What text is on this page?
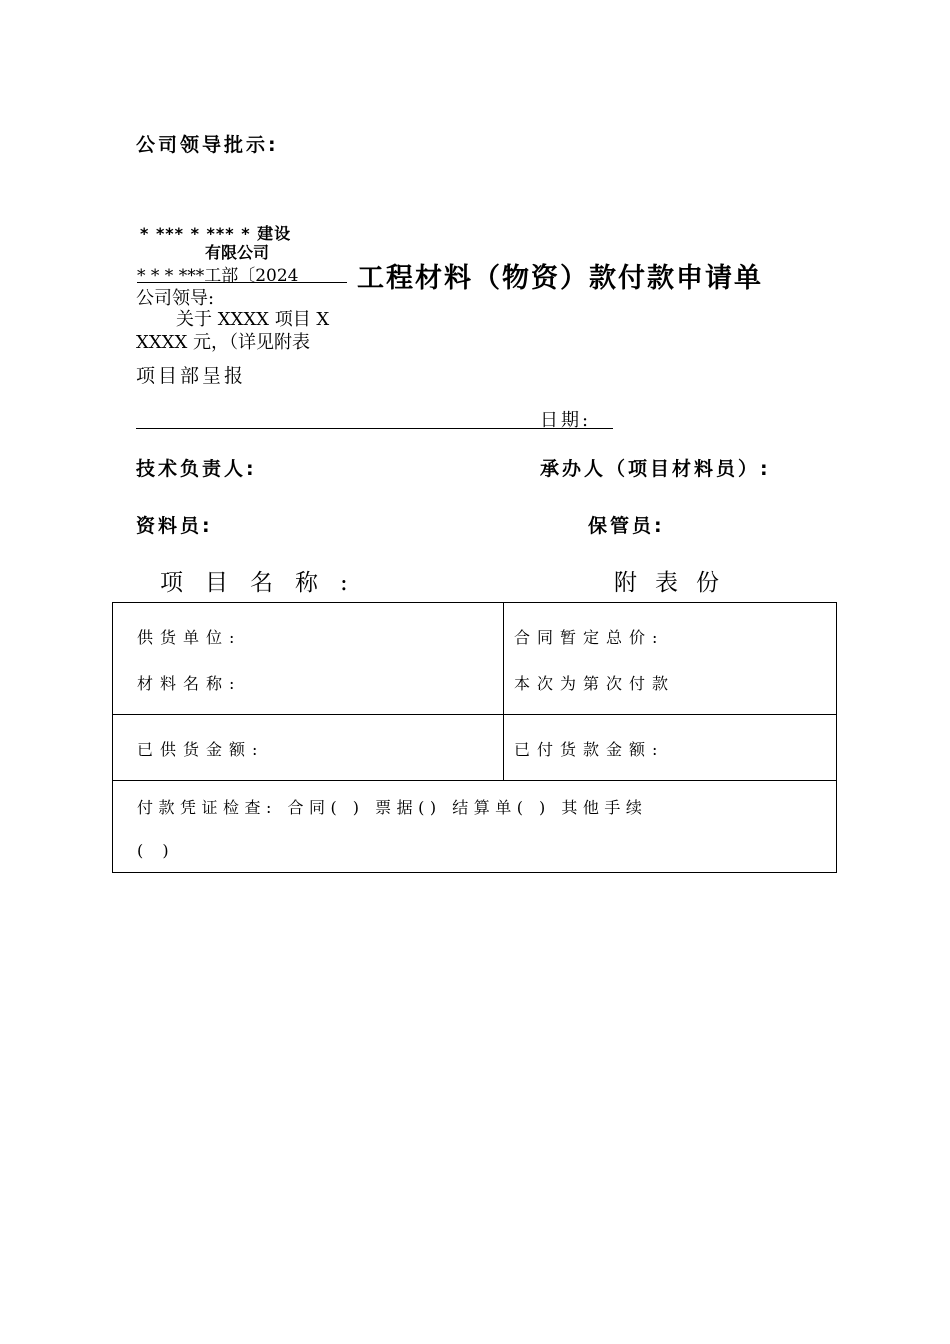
公司领导批示:
* *** * *** * 建设
有限公司
* * * ***工部〔2024 工程材料（物资）款付款申请单
公司领导:
关于 XXXX 项目 X
XXXX 元，（详见附表
项目部呈报
日期:
技术负责人:	承办人（项目材料员）:
资料员:	保管员:
项目名称:	附表份
供货单位:	合同暂定总价:
材料名称:	本次为第次付款
已供货金额:	已付货款金额:
付款凭证检查: 合同( ) 票据() 结算单( ) 其他手续
( )
